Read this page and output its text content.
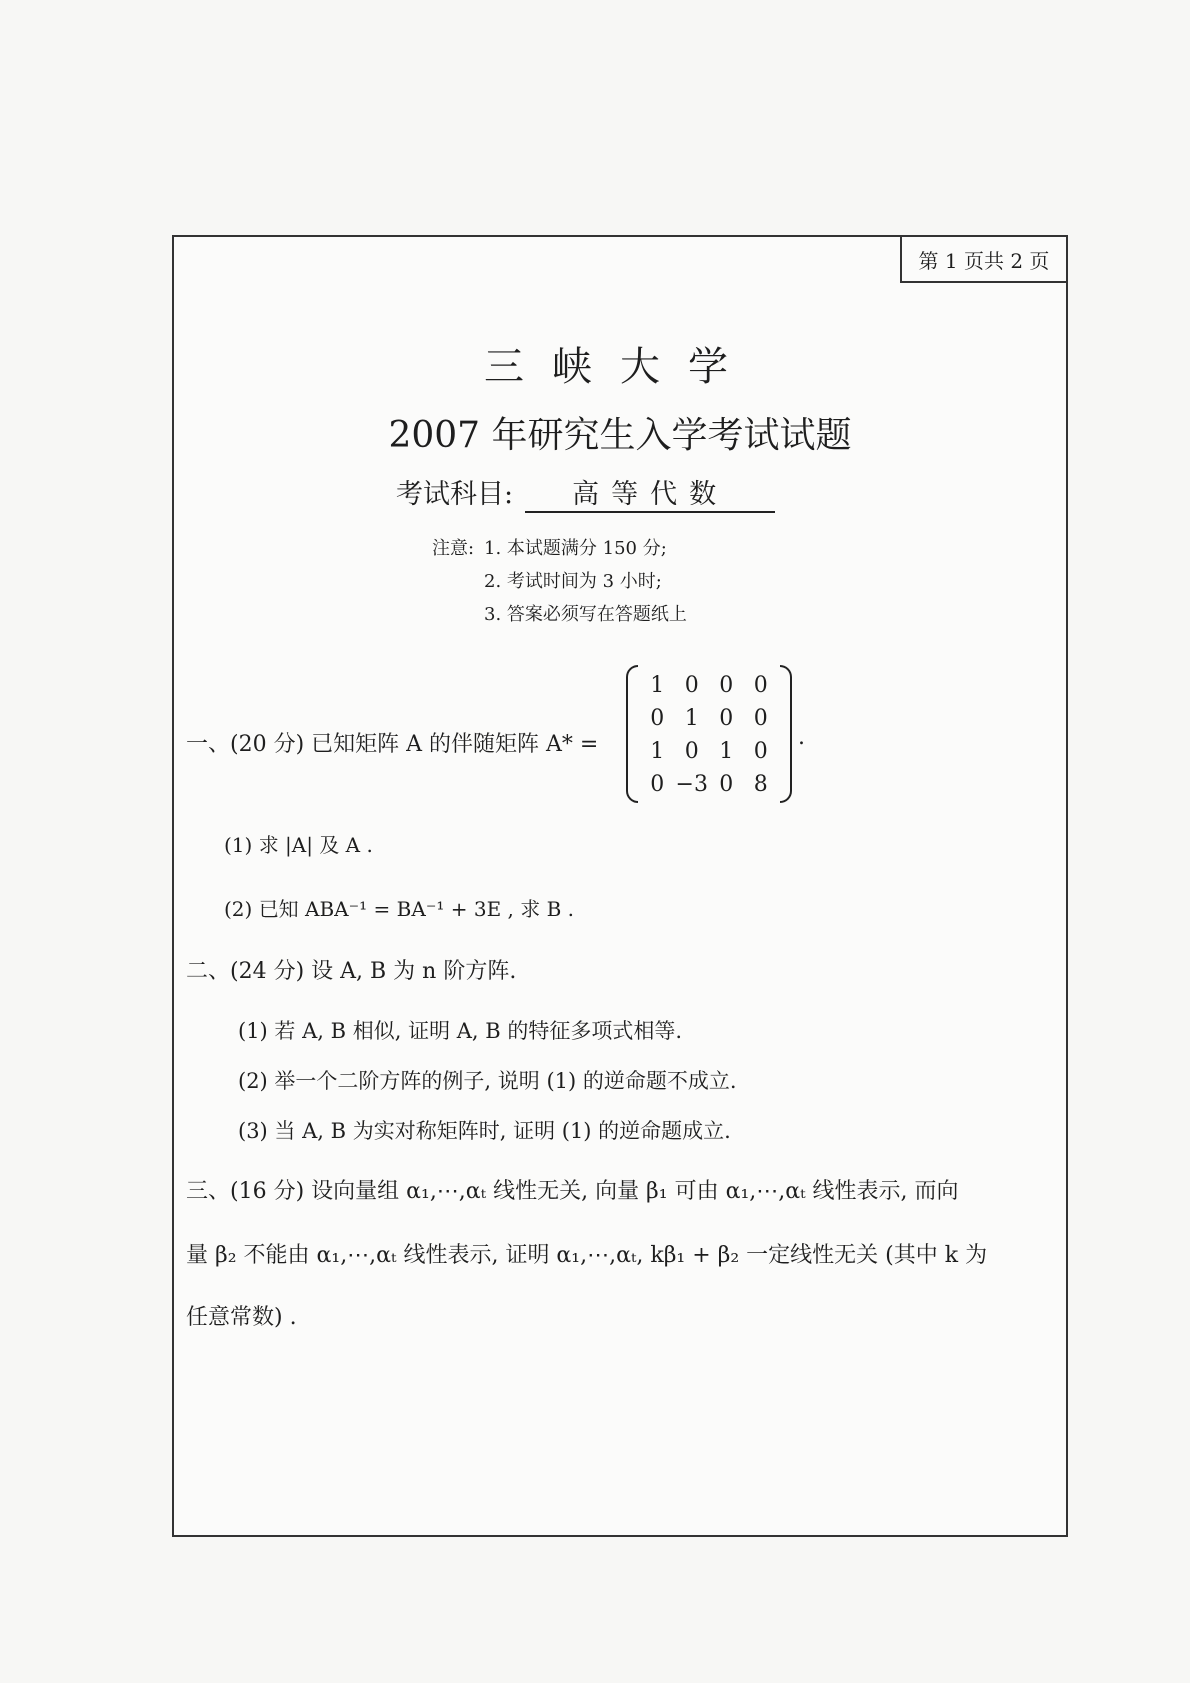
第 1 页共 2 页
三峡大学
2007 年研究生入学考试试题
考试科目: 高等代数
注意: 1. 本试题满分 150 分;
2. 考试时间为 3 小时;
3. 答案必须写在答题纸上
一、(20 分) 已知矩阵 A 的伴随矩阵 A* =
1 0 0 0
0 1 0 0
1 0 1 0
0 −3 0 8
.
(1) 求 |A| 及 A .
(2) 已知 ABA⁻¹ = BA⁻¹ + 3E , 求 B .
二、(24 分) 设 A, B 为 n 阶方阵.
(1) 若 A, B 相似, 证明 A, B 的特征多项式相等.
(2) 举一个二阶方阵的例子, 说明 (1) 的逆命题不成立.
(3) 当 A, B 为实对称矩阵时, 证明 (1) 的逆命题成立.
三、(16 分) 设向量组 α₁,⋯,αₜ 线性无关, 向量 β₁ 可由 α₁,⋯,αₜ 线性表示, 而向
量 β₂ 不能由 α₁,⋯,αₜ 线性表示, 证明 α₁,⋯,αₜ, kβ₁ + β₂ 一定线性无关 (其中 k 为
任意常数) .
